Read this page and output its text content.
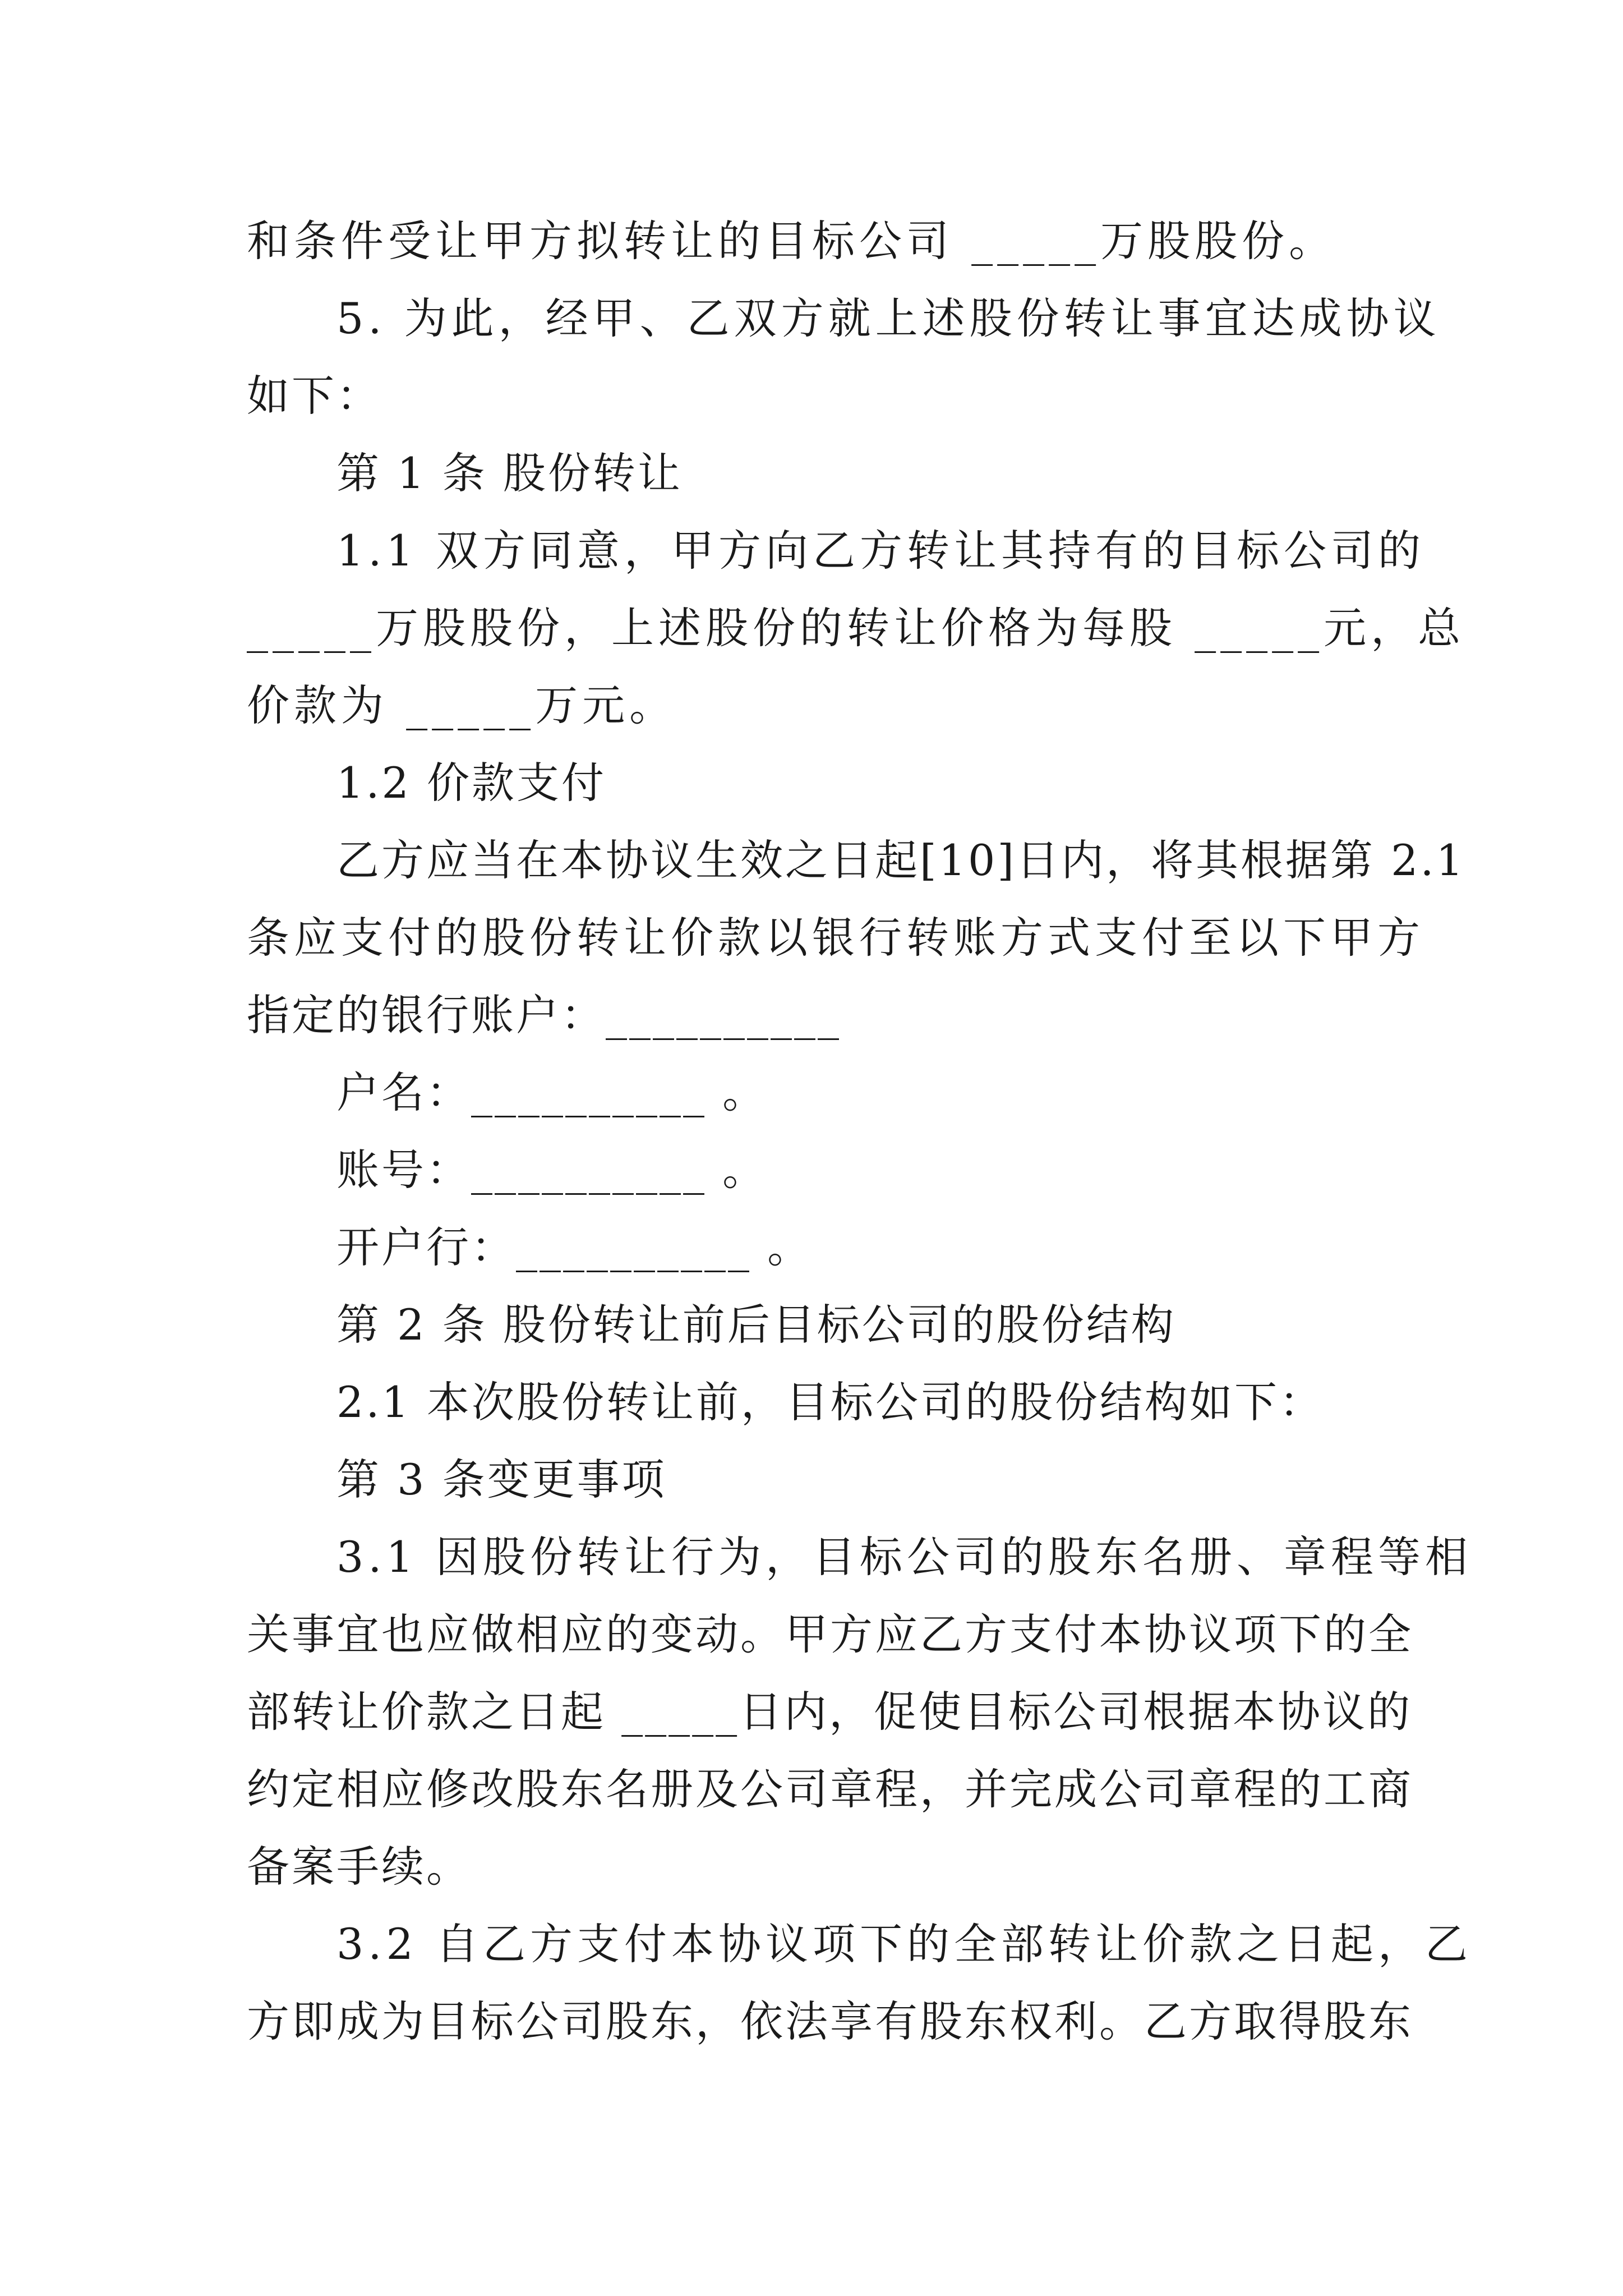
和条件受让甲方拟转让的目标公司 _____万股股份。
5. 为此，经甲、乙双方就上述股份转让事宜达成协议
如下：
第 1 条 股份转让
1.1 双方同意，甲方向乙方转让其持有的目标公司的
_____万股股份，上述股份的转让价格为每股 _____元，总
价款为 _____万元。
1.2 价款支付
乙方应当在本协议生效之日起[10]日内，将其根据第 2.1
条应支付的股份转让价款以银行转账方式支付至以下甲方
指定的银行账户：__________
户名：__________ 。
账号：__________ 。
开户行：__________ 。
第 2 条 股份转让前后目标公司的股份结构
2.1 本次股份转让前，目标公司的股份结构如下：
第 3 条变更事项
3.1 因股份转让行为，目标公司的股东名册、章程等相
关事宜也应做相应的变动。甲方应乙方支付本协议项下的全
部转让价款之日起 _____日内，促使目标公司根据本协议的
约定相应修改股东名册及公司章程，并完成公司章程的工商
备案手续。
3.2 自乙方支付本协议项下的全部转让价款之日起，乙
方即成为目标公司股东，依法享有股东权利。乙方取得股东
